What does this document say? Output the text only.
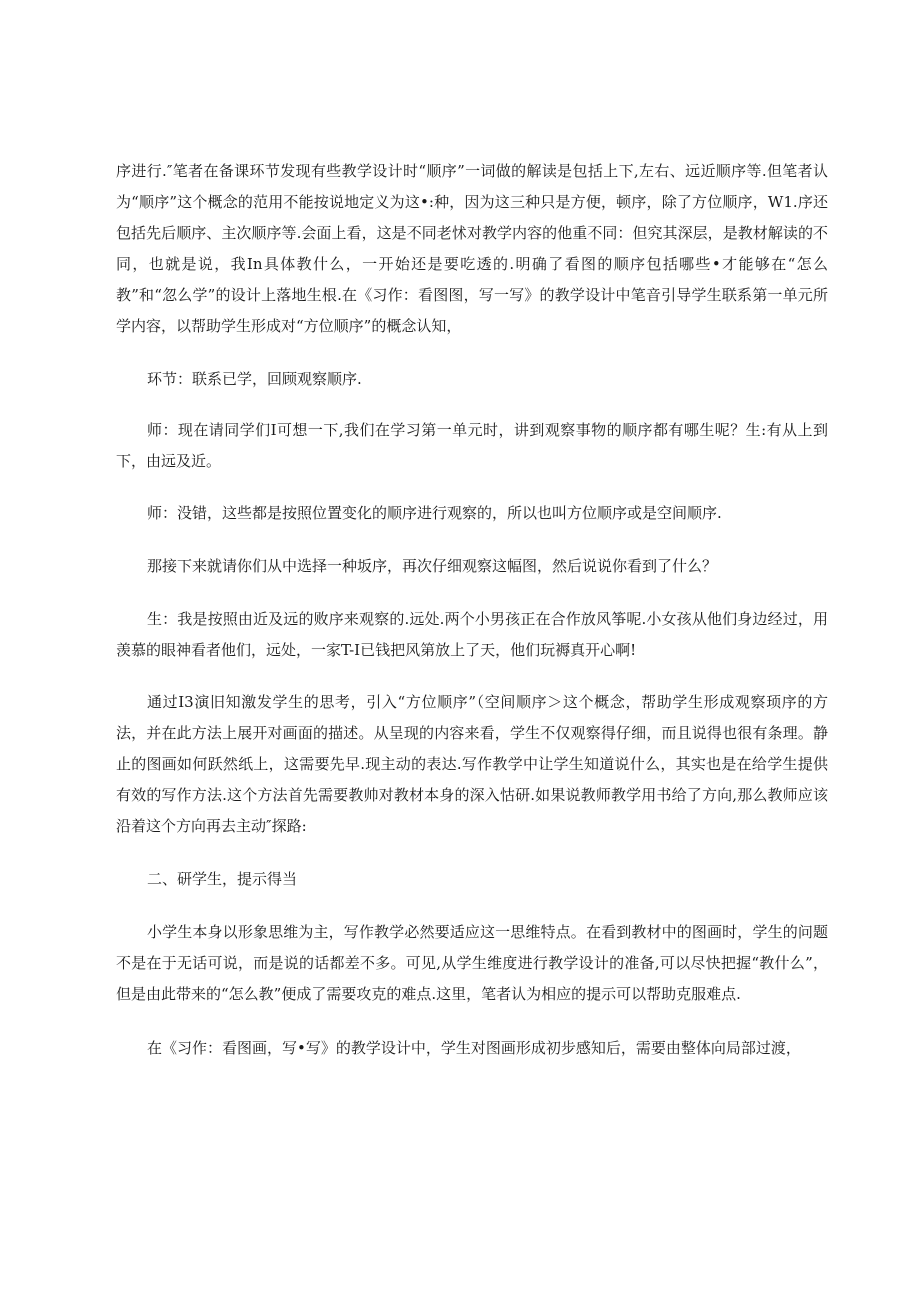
序进行.″笔者在备课环节发现有些教学设计时“顺序”一词做的解读是包括上下,左右、远近顺序等.但笔者认为“顺序”这个概念的范用不能按说地定义为这•:种，因为这三种只是方便，顿序，除了方位顺序，W1.序还包括先后顺序、主次顺序等.会面上看，这是不同老怵对教学内容的他重不同：但究其深层，是教材解读的不同，也就是说，我In具体教什么，一开始还是要吃透的.明确了看图的顺序包括哪些•才能够在“怎么教”和“忽么学”的设计上落地生根.在《习作：看图图，写一写》的教学设计中笔音引导学生联系第一单元所学内容，以帮助学生形成对“方位顺序”的概念认知，

环节：联系已学，回顾观察顺序.

师：现在请同学们I可想一下,我们在学习第一单元时，讲到观察事物的顺序都有哪生呢？生:有从上到下，由远及近。

师：没错，这些都是按照位置变化的顺序进行观察的，所以也叫方位顺序或是空间顺序.

那接下来就请你们从中选择一种坂序，再次仔细观察这幅图，然后说说你看到了什么？

生：我是按照由近及远的败序来观察的.远处.两个小男孩正在合作放风筝呢.小女孩从他们身边经过，用羡慕的眼神看者他们，远处，一家T-I已钱把风第放上了天，他们玩褥真开心啊!

通过I3演旧知激发学生的思考，引入“方位顺序”（空间顺序＞这个概念，帮助学生形成观察顼序的方法，并在此方法上展开对画面的描述。从呈现的内容来看，学生不仅观察得仔细，而且说得也很有条理。静止的图画如何跃然纸上，这需要先早.现主动的表达.写作教学中让学生知道说什么，其实也是在给学生提供有效的写作方法.这个方法首先需要教帅对教材本身的深入怙研.如果说教师教学用书给了方向,那么教师应该沿着这个方向再去主动″探路:

二、研学生，提示得当

小学生本身以形象思维为主，写作教学必然要适应这一思维特点。在看到教材中的图画时，学生的问题不是在于无话可说，而是说的话都差不多。可见,从学生维度进行教学设计的准备,可以尽快把握“教什么”，但是由此带来的“怎么教”便成了需要攻克的难点.这里，笔者认为相应的提示可以帮助克服难点.

在《习作：看图画，写•写》的教学设计中，学生对图画形成初步感知后，需要由整体向局部过渡，
